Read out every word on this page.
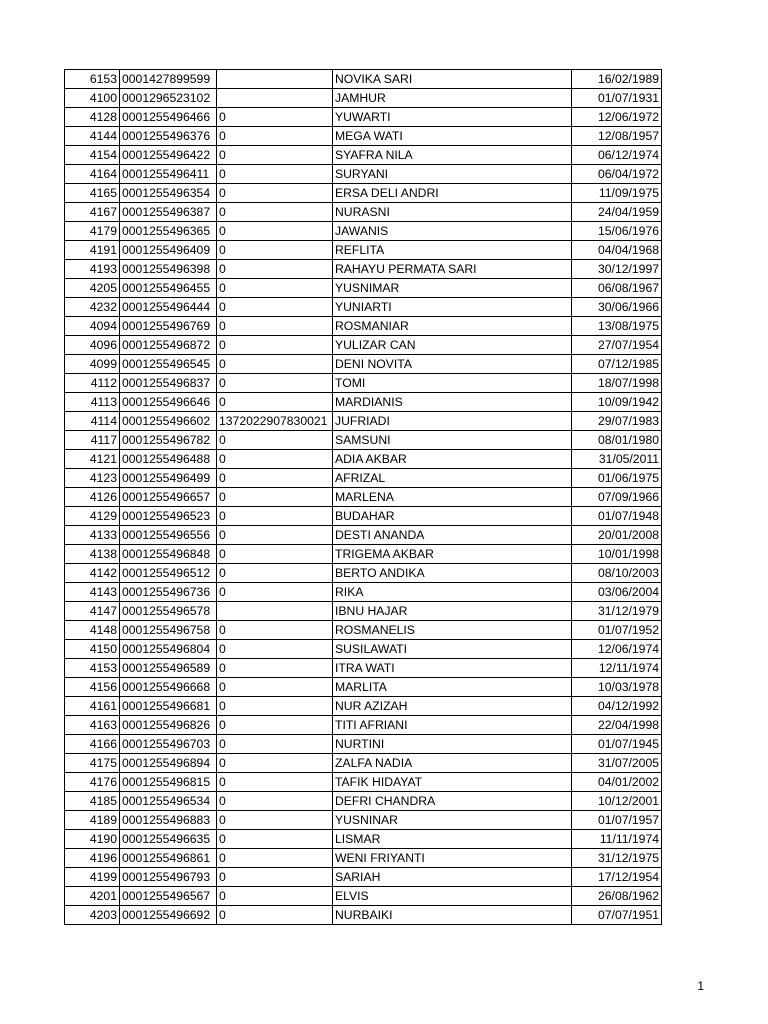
6153	0001427899599		NOVIKA SARI	16/02/1989
4100	0001296523102		JAMHUR	01/07/1931
4128	0001255496466	0	YUWARTI	12/06/1972
4144	0001255496376	0	MEGA WATI	12/08/1957
4154	0001255496422	0	SYAFRA NILA	06/12/1974
4164	0001255496411	0	SURYANI	06/04/1972
4165	0001255496354	0	ERSA DELI ANDRI	11/09/1975
4167	0001255496387	0	NURASNI	24/04/1959
4179	0001255496365	0	JAWANIS	15/06/1976
4191	0001255496409	0	REFLITA	04/04/1968
4193	0001255496398	0	RAHAYU PERMATA SARI	30/12/1997
4205	0001255496455	0	YUSNIMAR	06/08/1967
4232	0001255496444	0	YUNIARTI	30/06/1966
4094	0001255496769	0	ROSMANIAR	13/08/1975
4096	0001255496872	0	YULIZAR CAN	27/07/1954
4099	0001255496545	0	DENI NOVITA	07/12/1985
4112	0001255496837	0	TOMI	18/07/1998
4113	0001255496646	0	MARDIANIS	10/09/1942
4114	0001255496602	1372022907830021	JUFRIADI	29/07/1983
4117	0001255496782	0	SAMSUNI	08/01/1980
4121	0001255496488	0	ADIA AKBAR	31/05/2011
4123	0001255496499	0	AFRIZAL	01/06/1975
4126	0001255496657	0	MARLENA	07/09/1966
4129	0001255496523	0	BUDAHAR	01/07/1948
4133	0001255496556	0	DESTI ANANDA	20/01/2008
4138	0001255496848	0	TRIGEMA AKBAR	10/01/1998
4142	0001255496512	0	BERTO ANDIKA	08/10/2003
4143	0001255496736	0	RIKA	03/06/2004
4147	0001255496578		IBNU HAJAR	31/12/1979
4148	0001255496758	0	ROSMANELIS	01/07/1952
4150	0001255496804	0	SUSILAWATI	12/06/1974
4153	0001255496589	0	ITRA WATI	12/11/1974
4156	0001255496668	0	MARLITA	10/03/1978
4161	0001255496681	0	NUR AZIZAH	04/12/1992
4163	0001255496826	0	TITI AFRIANI	22/04/1998
4166	0001255496703	0	NURTINI	01/07/1945
4175	0001255496894	0	ZALFA NADIA	31/07/2005
4176	0001255496815	0	TAFIK HIDAYAT	04/01/2002
4185	0001255496534	0	DEFRI CHANDRA	10/12/2001
4189	0001255496883	0	YUSNINAR	01/07/1957
4190	0001255496635	0	LISMAR	11/11/1974
4196	0001255496861	0	WENI FRIYANTI	31/12/1975
4199	0001255496793	0	SARIAH	17/12/1954
4201	0001255496567	0	ELVIS	26/08/1962
4203	0001255496692	0	NURBAIKI	07/07/1951
1
